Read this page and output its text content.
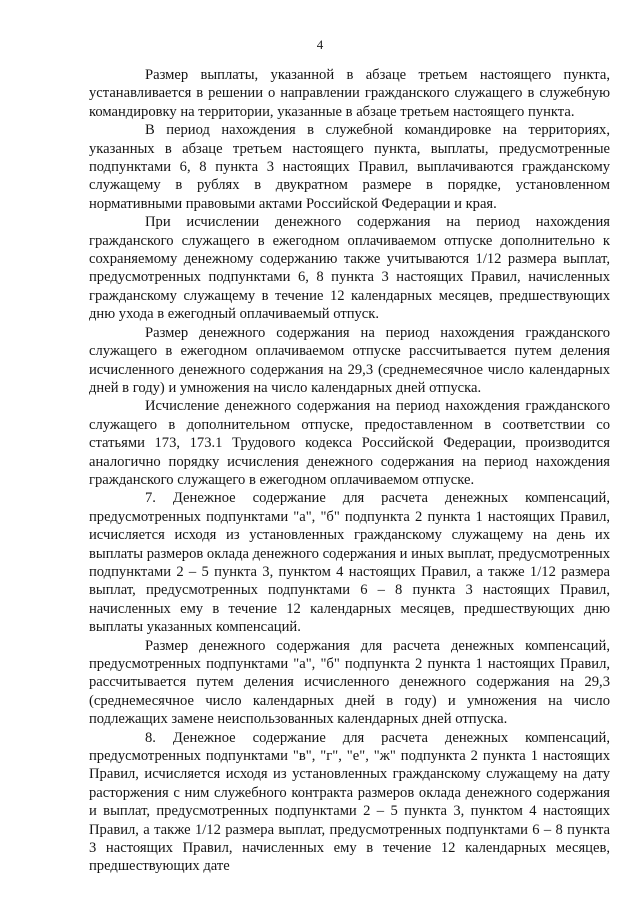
4

Размер выплаты, указанной в абзаце третьем настоящего пункта, устанавливается в решении о направлении гражданского служащего в служебную командировку на территории, указанные в абзаце третьем настоящего пункта.

В период нахождения в служебной командировке на территориях, указанных в абзаце третьем настоящего пункта, выплаты, предусмотренные подпунктами 6, 8 пункта 3 настоящих Правил, выплачиваются гражданскому служащему в рублях в двукратном размере в порядке, установленном нормативными правовыми актами Российской Федерации и края.

При исчислении денежного содержания на период нахождения гражданского служащего в ежегодном оплачиваемом отпуске дополнительно к сохраняемому денежному содержанию также учитываются 1/12 размера выплат, предусмотренных подпунктами 6, 8 пункта 3 настоящих Правил, начисленных гражданскому служащему в течение 12 календарных месяцев, предшествующих дню ухода в ежегодный оплачиваемый отпуск.

Размер денежного содержания на период нахождения гражданского служащего в ежегодном оплачиваемом отпуске рассчитывается путем деления исчисленного денежного содержания на 29,3 (среднемесячное число календарных дней в году) и умножения на число календарных дней отпуска.

Исчисление денежного содержания на период нахождения гражданского служащего в дополнительном отпуске, предоставленном в соответствии со статьями 173, 173.1 Трудового кодекса Российской Федерации, производится аналогично порядку исчисления денежного содержания на период нахождения гражданского служащего в ежегодном оплачиваемом отпуске.

7. Денежное содержание для расчета денежных компенсаций, предусмотренных подпунктами "а", "б" подпункта 2 пункта 1 настоящих Правил, исчисляется исходя из установленных гражданскому служащему на день их выплаты размеров оклада денежного содержания и иных выплат, предусмотренных подпунктами 2 – 5 пункта 3, пунктом 4 настоящих Правил, а также 1/12 размера выплат, предусмотренных подпунктами 6 – 8 пункта 3 настоящих Правил, начисленных ему в течение 12 календарных месяцев, предшествующих дню выплаты указанных компенсаций.

Размер денежного содержания для расчета денежных компенсаций, предусмотренных подпунктами "а", "б" подпункта 2 пункта 1 настоящих Правил, рассчитывается путем деления исчисленного денежного содержания на 29,3 (среднемесячное число календарных дней в году) и умножения на число подлежащих замене неиспользованных календарных дней отпуска.

8. Денежное содержание для расчета денежных компенсаций, предусмотренных подпунктами "в", "г", "е", "ж" подпункта 2 пункта 1 настоящих Правил, исчисляется исходя из установленных гражданскому служащему на дату расторжения с ним служебного контракта размеров оклада денежного содержания и выплат, предусмотренных подпунктами 2 – 5 пункта 3, пунктом 4 настоящих Правил, а также 1/12 размера выплат, предусмотренных подпунктами 6 – 8 пункта 3 настоящих Правил, начисленных ему в течение 12 календарных месяцев, предшествующих дате
